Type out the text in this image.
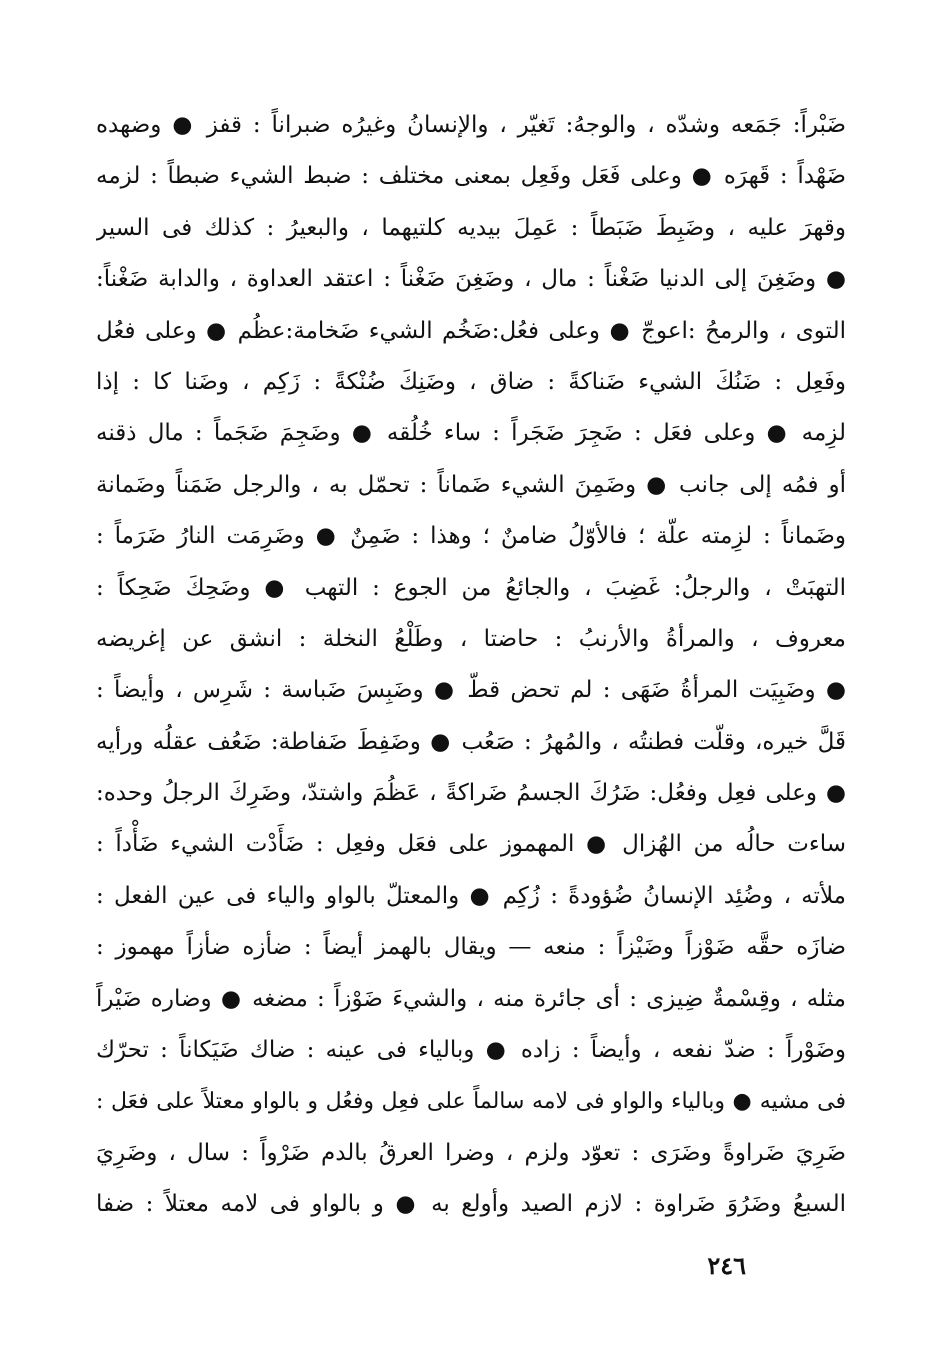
ضَبْراً: جَمَعه وشدّه ، والوجهُ: تَغيّر ، والإنسانُ وغيرُه ضبراناً : قفز ● وضهده
ضَهْداً : قَهرَه ● وعلى فَعَل وفَعِل بمعنى مختلف : ضبط الشيء ضبطاً : لزمه
وقهرَ عليه ، وضَبِطَ ضَبَطاً : عَمِلَ بيديه كلتيهما ، والبعيرُ : كذلك فى السير
● وضَغِنَ إلى الدنيا ضَغْناً : مال ، وضَغِنَ ضَغْناً : اعتقد العداوة ، والدابة ضَغْناً:
التوى ، والرمحُ :اعوجّ ● وعلى فعُل:ضَخُم الشيء ضَخامة:عظُم ● وعلى فعُل
وفَعِل : ضَنُكَ الشيء ضَناكةً : ضاق ، وضَنِكَ ضُنْكةً : زَكِم ، وضَنا كا : إذا
لزِمه ● وعلى فعَل : ضَجِرَ ضَجَراً : ساء خُلُقه ● وضَجِمَ ضَجَماً : مال ذقنه
أو فمُه إلى جانب ● وضَمِنَ الشيء ضَماناً : تحمّل به ، والرجل ضَمَناً وضَمانة
وضَماناً : لزِمته علّة ؛ فالأوّلُ ضامنٌ ؛ وهذا : ضَمِنٌ ● وضَرِمَت النارُ ضَرَماً :
التهبَتْ ، والرجلُ: غَضِبَ ، والجائعُ من الجوع : التهب ● وضَحِكَ ضَحِكاً :
معروف ، والمرأةُ والأرنبُ : حاضتا ، وطَلْعُ النخلة : انشق عن إغريضه
● وضَبِيَت المرأةُ ضَهَى : لم تحض قطّ ● وضَبِسَ ضَباسة : شَرِس ، وأيضاً :
قَلَّ خيره، وقلّت فطنتُه ، والمُهرُ : صَعُب ● وضَفِطَ ضَفاطة: ضَعُف عقلُه ورأيه
● وعلى فعِل وفعُل: ضَرُكَ الجسمُ ضَراكةً ، عَظُمَ واشتدّ، وضَرِكَ الرجلُ وحده:
ساءت حالُه من الهُزال ● المهموز على فعَل وفعِل : ضَأَدْت الشيء ضَأْداً :
ملأته ، وضُئِد الإنسانُ ضُؤودةً : زُكِم ● والمعتلّ بالواو والياء فى عين الفعل :
ضازَه حقَّه ضَوْزاً وضَيْزاً : منعه — ويقال بالهمز أيضاً : ضأزه ضأزاً مهموز :
مثله ، وقِسْمةٌ ضِيزى : أى جائرة منه ، والشيءَ ضَوْزاً : مضغه ● وضاره ضَيْراً
وضَوْراً : ضدّ نفعه ، وأيضاً : زاده ● وبالياء فى عينه : ضاك ضَيَكاناً : تحرّك
فى مشيه ● وبالياء والواو فى لامه سالماً على فعِل وفعُل و بالواو معتلاً على فعَل :
ضَرِيَ ضَراوةً وضَرَى : تعوّد ولزم ، وضرا العرقُ بالدم ضَرْواً : سال ، وضَرِيَ
السبعُ وضَرُوَ ضَراوة : لازم الصيد وأولع به ● و بالواو فى لامه معتلاً : ضفا
٢٤٦
